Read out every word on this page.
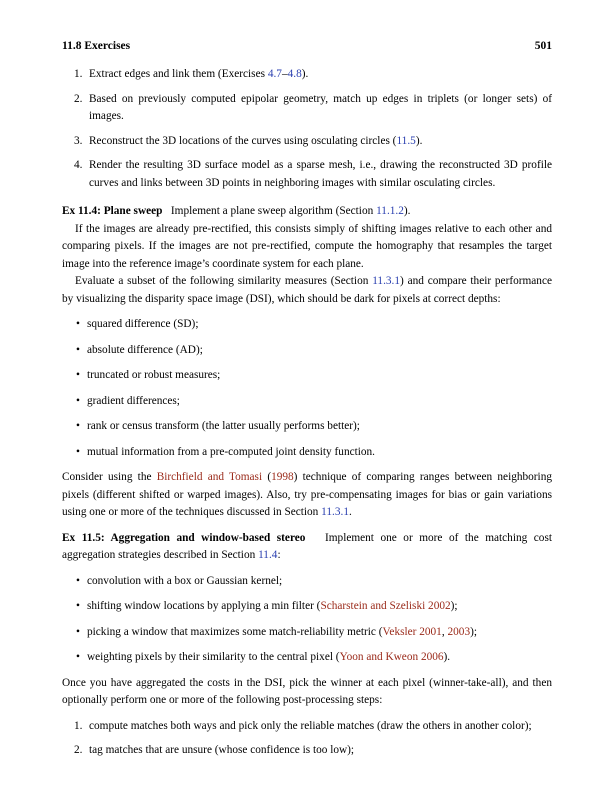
11.8 Exercises	501
1. Extract edges and link them (Exercises 4.7–4.8).
2. Based on previously computed epipolar geometry, match up edges in triplets (or longer sets) of images.
3. Reconstruct the 3D locations of the curves using osculating circles (11.5).
4. Render the resulting 3D surface model as a sparse mesh, i.e., drawing the reconstructed 3D profile curves and links between 3D points in neighboring images with similar osculating circles.

Ex 11.4: Plane sweep Implement a plane sweep algorithm (Section 11.1.2).

If the images are already pre-rectified, this consists simply of shifting images relative to each other and comparing pixels. If the images are not pre-rectified, compute the homography that resamples the target image into the reference image’s coordinate system for each plane.

Evaluate a subset of the following similarity measures (Section 11.3.1) and compare their performance by visualizing the disparity space image (DSI), which should be dark for pixels at correct depths:

• squared difference (SD);
• absolute difference (AD);
• truncated or robust measures;
• gradient differences;
• rank or census transform (the latter usually performs better);
• mutual information from a pre-computed joint density function.

Consider using the Birchfield and Tomasi (1998) technique of comparing ranges between neighboring pixels (different shifted or warped images). Also, try pre-compensating images for bias or gain variations using one or more of the techniques discussed in Section 11.3.1.

Ex 11.5: Aggregation and window-based stereo Implement one or more of the matching cost aggregation strategies described in Section 11.4:

• convolution with a box or Gaussian kernel;
• shifting window locations by applying a min filter (Scharstein and Szeliski 2002);
• picking a window that maximizes some match-reliability metric (Veksler 2001, 2003);
• weighting pixels by their similarity to the central pixel (Yoon and Kweon 2006).

Once you have aggregated the costs in the DSI, pick the winner at each pixel (winner-take-all), and then optionally perform one or more of the following post-processing steps:

1. compute matches both ways and pick only the reliable matches (draw the others in another color);
2. tag matches that are unsure (whose confidence is too low);
